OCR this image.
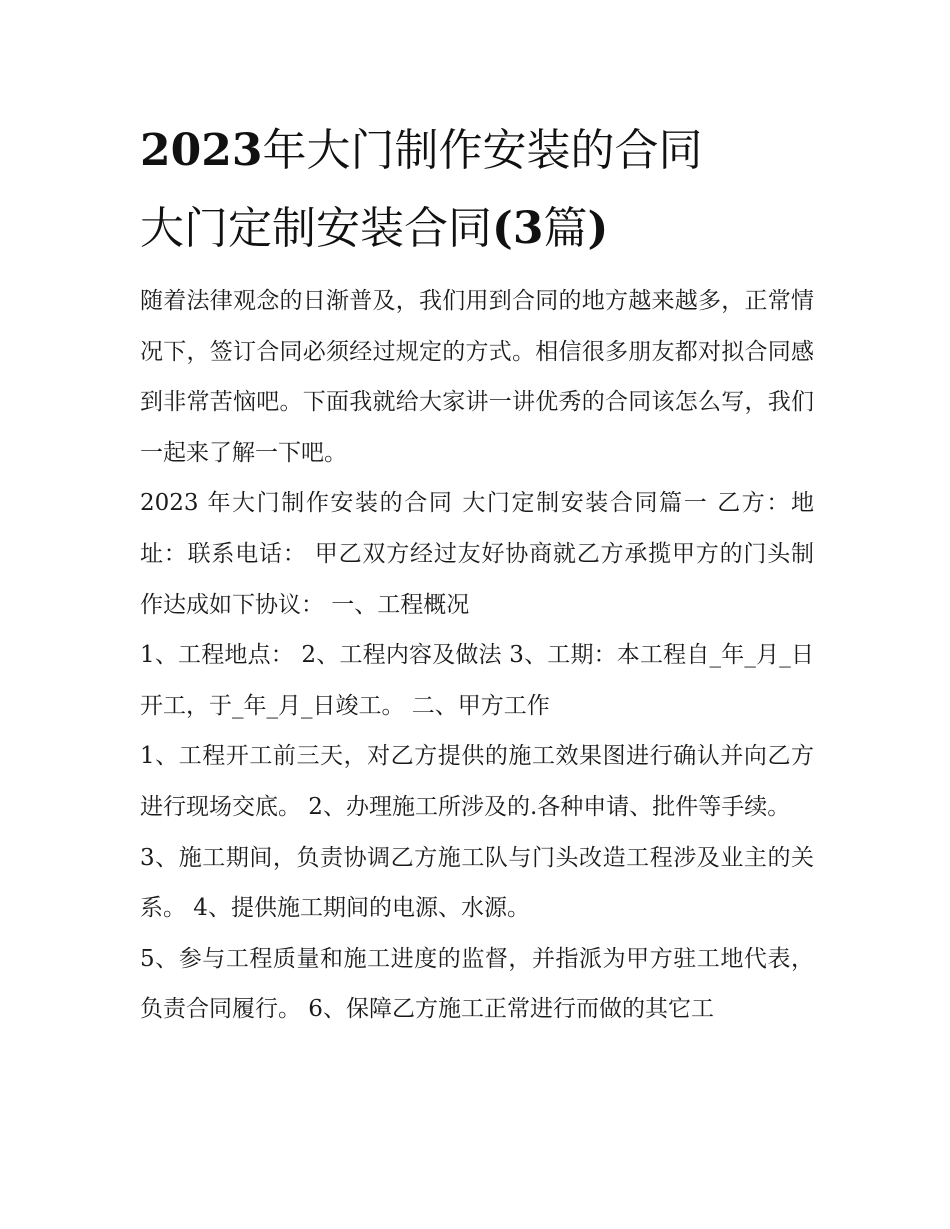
2023年大门制作安装的合同
大门定制安装合同(3篇)

随着法律观念的日渐普及，我们用到合同的地方越来越多，正常情况下，签订合同必须经过规定的方式。相信很多朋友都对拟合同感到非常苦恼吧。下面我就给大家讲一讲优秀的合同该怎么写，我们一起来了解一下吧。

2023 年大门制作安装的合同 大门定制安装合同篇一 乙方：地址：联系电话： 甲乙双方经过友好协商就乙方承揽甲方的门头制作达成如下协议： 一、工程概况

1、工程地点： 2、工程内容及做法 3、工期：本工程自_年_月_日开工，于_年_月_日竣工。 二、甲方工作

1、工程开工前三天，对乙方提供的施工效果图进行确认并向乙方进行现场交底。 2、办理施工所涉及的.各种申请、批件等手续。

3、施工期间，负责协调乙方施工队与门头改造工程涉及业主的关系。 4、提供施工期间的电源、水源。

5、参与工程质量和施工进度的监督，并指派为甲方驻工地代表，负责合同履行。 6、保障乙方施工正常进行而做的其它工
